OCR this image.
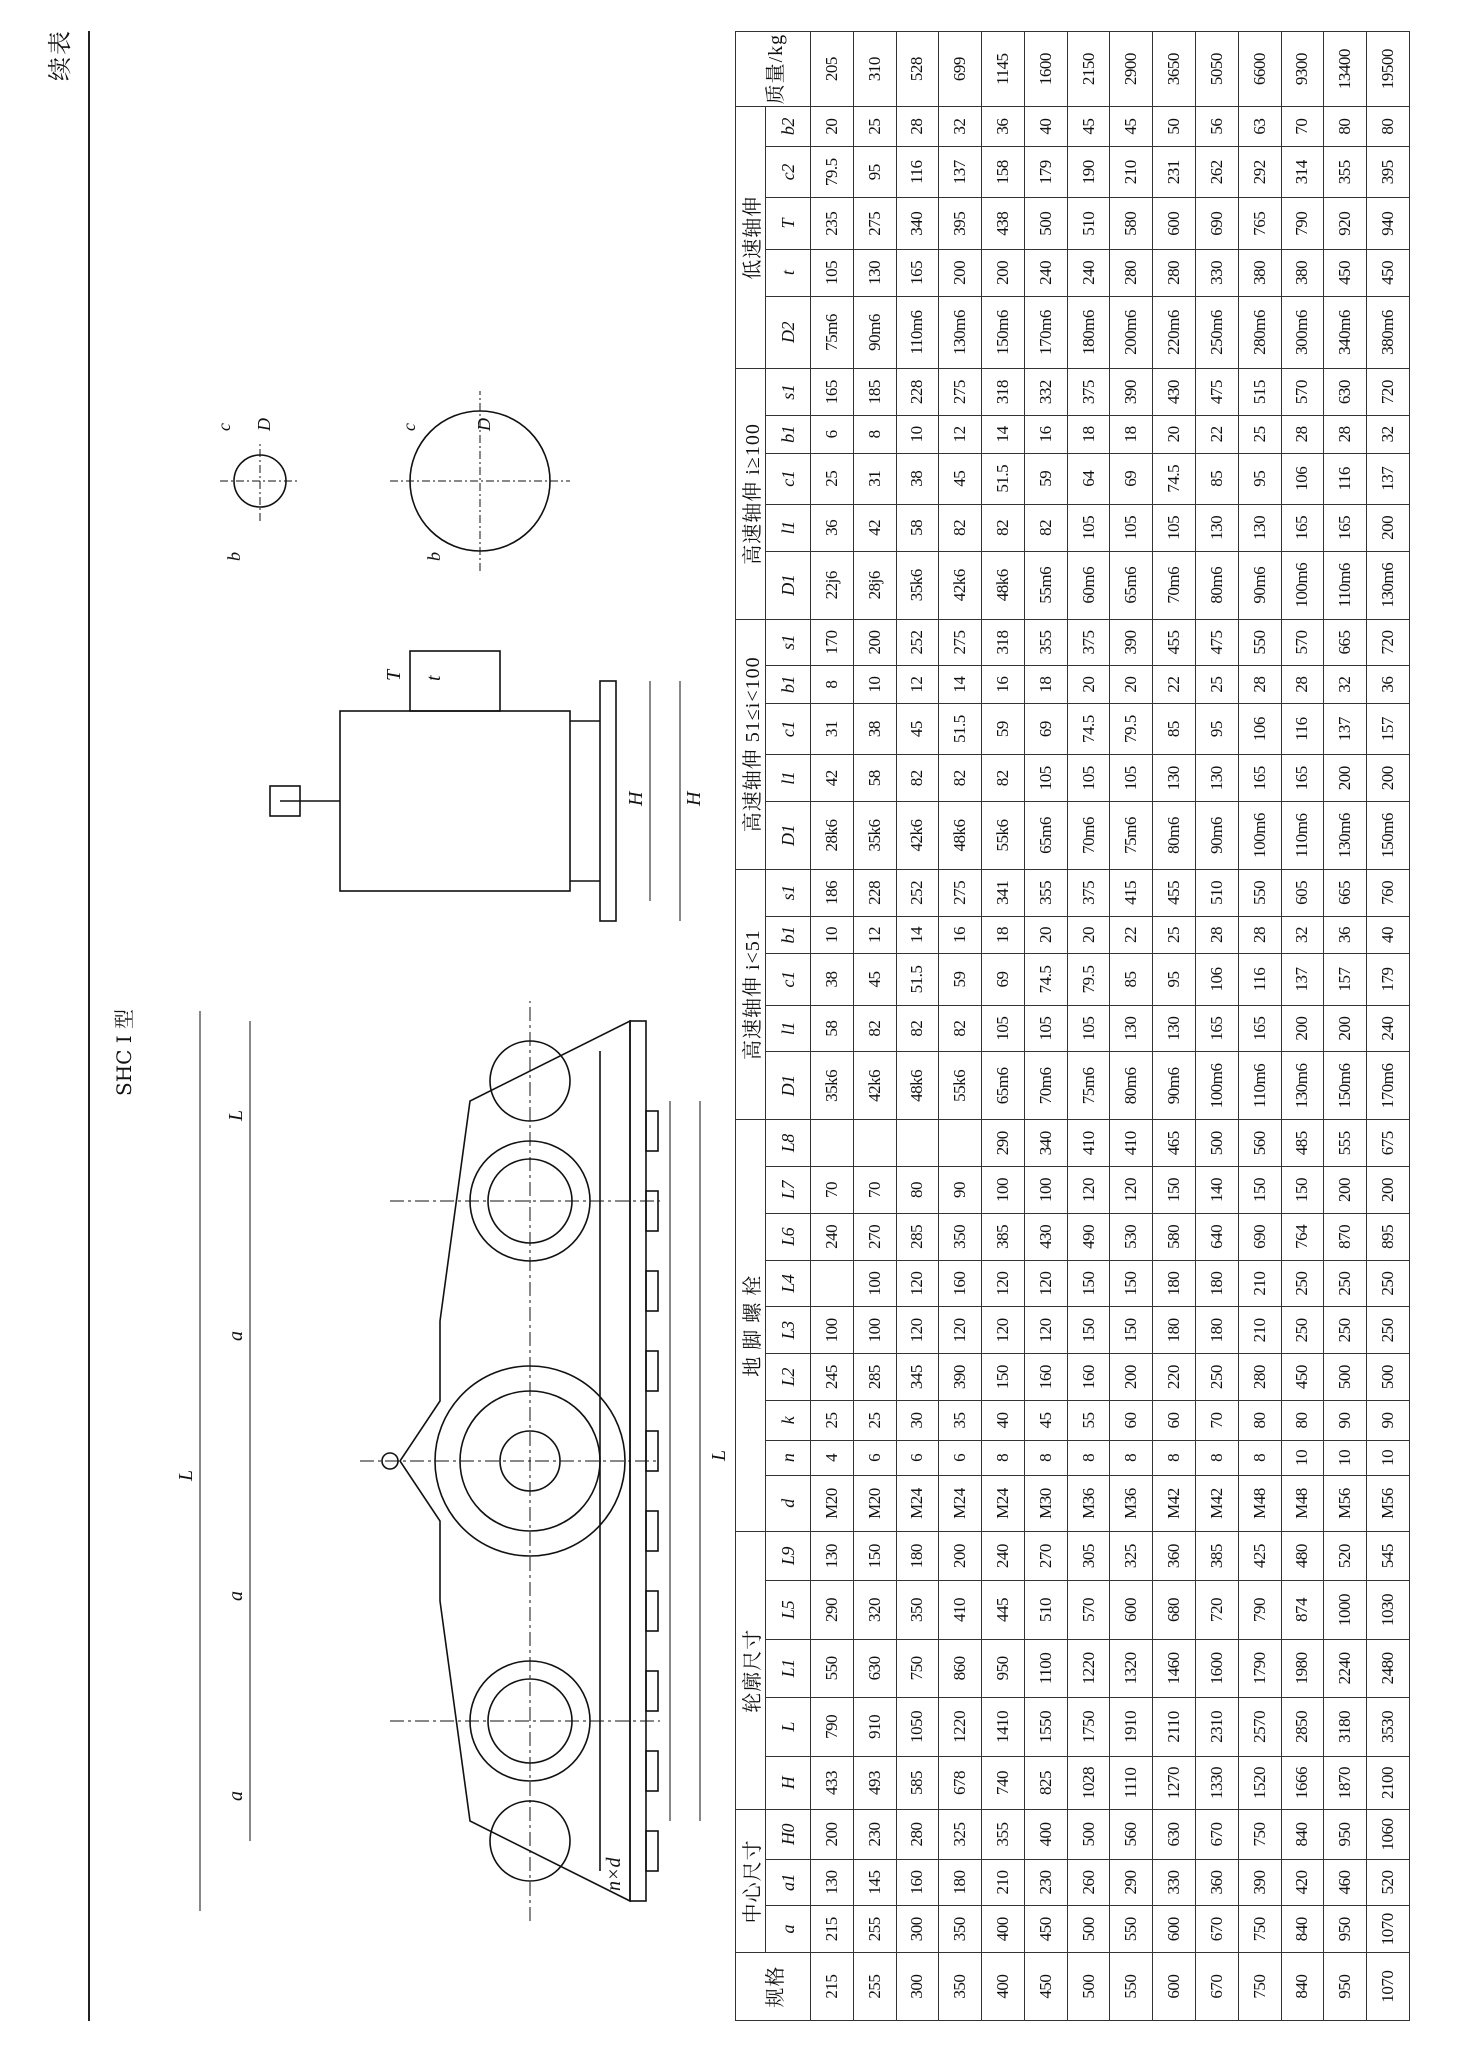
续表
SHC Ⅰ 型
L
a
a
a
L
n×d
L
H
H
T t
b
c D
b
c	D
规格	中心尺寸			轮廓尺寸					地 脚 螺 栓									高速轴伸 i<51					高速轴伸 51≤i<100					高速轴伸 i≥100					低速轴伸					质量/kg
	a	a1	H0	H	L	L1	L5	L9	d	n	k	L2	L3	L4	L6	L7	L8	D1	l1	c1	b1	s1	D1	l1	c1	b1	s1	D1	l1	c1	b1	s1	D2	t	T	c2	b2	
215	215	130	200	433	790	550	290	130	M20	4	25	245	100		240	70		35k6	58	38	10	186	28k6	42	31	8	170	22j6	36	25	6	165	75m6	105	235	79.5	20	205
255	255	145	230	493	910	630	320	150	M20	6	25	285	100	100	270	70		42k6	82	45	12	228	35k6	58	38	10	200	28j6	42	31	8	185	90m6	130	275	95	25	310
300	300	160	280	585	1050	750	350	180	M24	6	30	345	120	120	285	80		48k6	82	51.5	14	252	42k6	82	45	12	252	35k6	58	38	10	228	110m6	165	340	116	28	528
350	350	180	325	678	1220	860	410	200	M24	6	35	390	120	160	350	90		55k6	82	59	16	275	48k6	82	51.5	14	275	42k6	82	45	12	275	130m6	200	395	137	32	699
400	400	210	355	740	1410	950	445	240	M24	8	40	150	120	120	385	100	290	65m6	105	69	18	341	55k6	82	59	16	318	48k6	82	51.5	14	318	150m6	200	438	158	36	1145
450	450	230	400	825	1550	1100	510	270	M30	8	45	160	120	120	430	100	340	70m6	105	74.5	20	355	65m6	105	69	18	355	55m6	82	59	16	332	170m6	240	500	179	40	1600
500	500	260	500	1028	1750	1220	570	305	M36	8	55	160	150	150	490	120	410	75m6	105	79.5	20	375	70m6	105	74.5	20	375	60m6	105	64	18	375	180m6	240	510	190	45	2150
550	550	290	560	1110	1910	1320	600	325	M36	8	60	200	150	150	530	120	410	80m6	130	85	22	415	75m6	105	79.5	20	390	65m6	105	69	18	390	200m6	280	580	210	45	2900
600	600	330	630	1270	2110	1460	680	360	M42	8	60	220	180	180	580	150	465	90m6	130	95	25	455	80m6	130	85	22	455	70m6	105	74.5	20	430	220m6	280	600	231	50	3650
670	670	360	670	1330	2310	1600	720	385	M42	8	70	250	180	180	640	140	500	100m6	165	106	28	510	90m6	130	95	25	475	80m6	130	85	22	475	250m6	330	690	262	56	5050
750	750	390	750	1520	2570	1790	790	425	M48	8	80	280	210	210	690	150	560	110m6	165	116	28	550	100m6	165	106	28	550	90m6	130	95	25	515	280m6	380	765	292	63	6600
840	840	420	840	1666	2850	1980	874	480	M48	10	80	450	250	250	764	150	485	130m6	200	137	32	605	110m6	165	116	28	570	100m6	165	106	28	570	300m6	380	790	314	70	9300
950	950	460	950	1870	3180	2240	1000	520	M56	10	90	500	250	250	870	200	555	150m6	200	157	36	665	130m6	200	137	32	665	110m6	165	116	28	630	340m6	450	920	355	80	13400
1070	1070	520	1060	2100	3530	2480	1030	545	M56	10	90	500	250	250	895	200	675	170m6	240	179	40	760	150m6	200	157	36	720	130m6	200	137	32	720	380m6	450	940	395	80	19500
